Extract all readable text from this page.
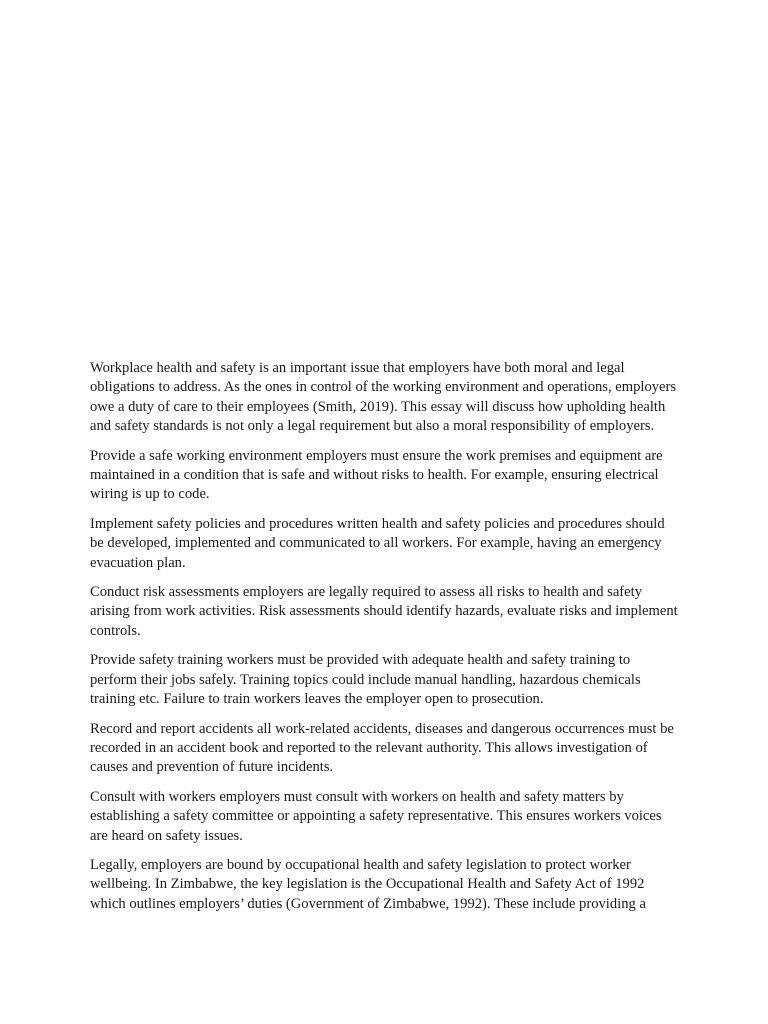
Workplace health and safety is an important issue that employers have both moral and legal obligations to address. As the ones in control of the working environment and operations, employers owe a duty of care to their employees (Smith, 2019). This essay will discuss how upholding health and safety standards is not only a legal requirement but also a moral responsibility of employers.

Provide a safe working environment employers must ensure the work premises and equipment are maintained in a condition that is safe and without risks to health. For example, ensuring electrical wiring is up to code.

Implement safety policies and procedures written health and safety policies and procedures should be developed, implemented and communicated to all workers. For example, having an emergency evacuation plan.

Conduct risk assessments employers are legally required to assess all risks to health and safety arising from work activities. Risk assessments should identify hazards, evaluate risks and implement controls.

Provide safety training workers must be provided with adequate health and safety training to perform their jobs safely. Training topics could include manual handling, hazardous chemicals training etc. Failure to train workers leaves the employer open to prosecution.

Record and report accidents all work-related accidents, diseases and dangerous occurrences must be recorded in an accident book and reported to the relevant authority. This allows investigation of causes and prevention of future incidents.

Consult with workers employers must consult with workers on health and safety matters by establishing a safety committee or appointing a safety representative. This ensures workers voices are heard on safety issues.

Legally, employers are bound by occupational health and safety legislation to protect worker wellbeing. In Zimbabwe, the key legislation is the Occupational Health and Safety Act of 1992 which outlines employers’ duties (Government of Zimbabwe, 1992). These include providing a
